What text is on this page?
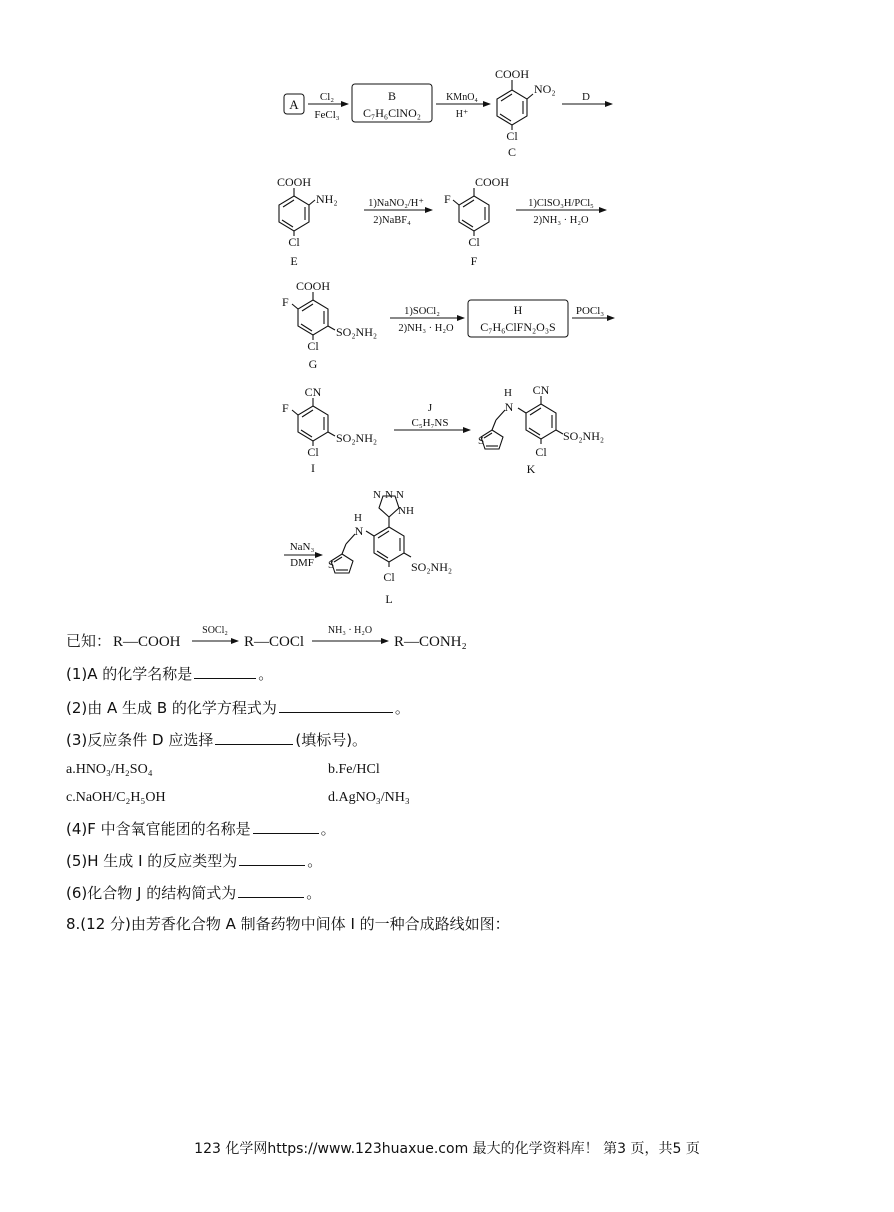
A Cl₂
FeCl₃
B
C₇H₆ClNO₂
KMnO₄
H⁺
COOH
NO₂
Cl
C
D
COOH
NH₂
Cl
E
1)NaNO₂/H⁺
2)NaBF₄
F
COOH
Cl
F
1)ClSO₃H/PCl₅
2)NH₃ · H₂O
COOH
F
SO₂NH₂
Cl
G
1)SOCl₂
2)NH₃ · H₂O
H
C₇H₆ClFN₂O₃S
POCl₃
CN
F
SO₂NH₂
Cl
I
J
C₅H₇NS
H
N
CN
S	SO₂NH₂
Cl
K
NaN₃
DMF
N N N
NH
H
N
S	SO₂NH₂
Cl
L
已知： R—COOH
SOCl₂
R—COCl
NH₃ · H₂O
R—CONH₂
(1)A 的化学名称是	。
(2)由 A 生成 B 的化学方程式为	。
(3)反应条件 D 应选择	(填标号)。
a.HNO₃/H₂SO₄	b.Fe/HCl
c.NaOH/C₂H₅OH	d.AgNO₃/NH₃
(4)F 中含氧官能团的名称是	。
(5)H 生成 I 的反应类型为	。
(6)化合物 J 的结构简式为	。
8.(12 分)由芳香化合物 A 制备药物中间体 I 的一种合成路线如图：
123 化学网https://www.123huaxue.com 最大的化学资料库！ 第3 页，共5 页
